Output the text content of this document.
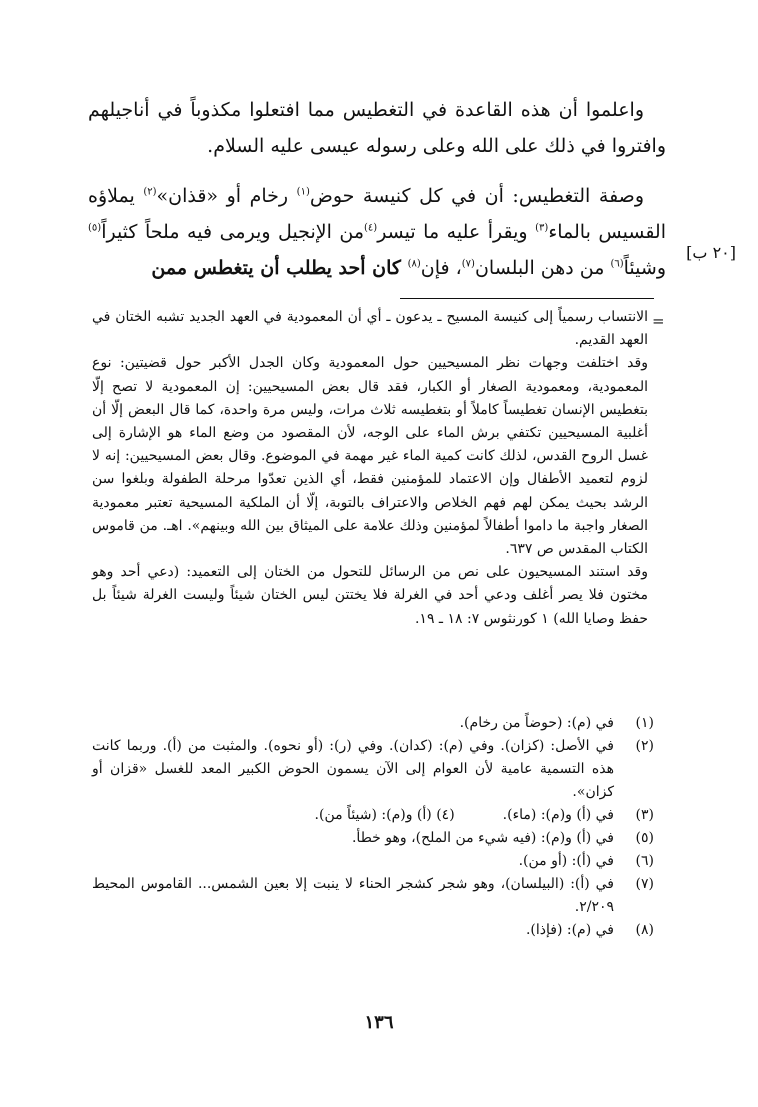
واعلموا أن هذه القاعدة في التغطيس مما افتعلوا مكذوباً في أناجيلهم وافتروا في ذلك على الله وعلى رسوله عيسى عليه السلام.

وصفة التغطيس: أن في كل كنيسة حوض$^{(١)}$ رخام أو «قذان»$^{(٢)}$ يملاؤه القسيس بالماء$^{(٣)}$ ويقرأ عليه ما تيسر$^{(٤)}$من الإنجيل ويرمى فيه ملحاً كثيراً$^{(٥)}$ وشيئاً$^{(٦)}$ من دهن البلسان$^{(٧)}$، فإن$^{(٨)}$ كان أحد يطلب أن يتغطس ممن

[٢٠ ب]
=

الانتساب رسمياً إلى كنيسة المسيح ـ يدعون ـ أي أن المعمودية في العهد الجديد تشبه الختان في العهد القديم.

وقد اختلفت وجهات نظر المسيحيين حول المعمودية وكان الجدل الأكبر حول قضيتين: نوع المعمودية، ومعمودية الصغار أو الكبار، فقد قال بعض المسيحيين: إن المعمودية لا تصح إلّا بتغطيس الإنسان تغطيساً كاملاً أو بتغطيسه ثلاث مرات، وليس مرة واحدة، كما قال البعض إلّا أن أغلبية المسيحيين تكتفي برش الماء على الوجه، لأن المقصود من وضع الماء هو الإشارة إلى غسل الروح القدس، لذلك كانت كمية الماء غير مهمة في الموضوع. وقال بعض المسيحيين: إنه لا لزوم لتعميد الأطفال وإن الاعتماد للمؤمنين فقط، أي الذين تعدّوا مرحلة الطفولة وبلغوا سن الرشد بحيث يمكن لهم فهم الخلاص والاعتراف بالتوبة، إلّا أن الملكية المسيحية تعتبر معمودية الصغار واجبة ما داموا أطفالاً لمؤمنين وذلك علامة على الميثاق بين الله وبينهم». اهـ. من قاموس الكتاب المقدس ص ٦٣٧.

وقد استند المسيحيون على نص من الرسائل للتحول من الختان إلى التعميد: (دعي أحد وهو مختون فلا يصر أغلف ودعي أحد في الغرلة فلا يختتن ليس الختان شيئاً وليست الغرلة شيئاً بل حفظ وصايا الله) ١ كورنثوس ٧: ١٨ ـ ١٩.

(١)
في (م): (حوضاً من رخام).
(٢)
في الأصل: (كزان). وفي (م): (كدان). وفي (ر): (أو نحوه). والمثبت من (أ). وربما كانت هذه التسمية عامية لأن العوام إلى الآن يسمون الحوض الكبير المعد للغسل «قزان أو كزان».
(٣)
في (أ) و(م): (ماء).(٤) (أ) و(م): (شيئاً من).
(٥)
في (أ) و(م): (فيه شيء من الملح)، وهو خطأ.
(٦)
في (أ): (أو من).
(٧)
في (أ): (البيلسان)، وهو شجر كشجر الحناء لا ينبت إلا بعين الشمس... القاموس المحيط ٢/٢٠٩.
(٨)
في (م): (فإذا).
١٣٦
